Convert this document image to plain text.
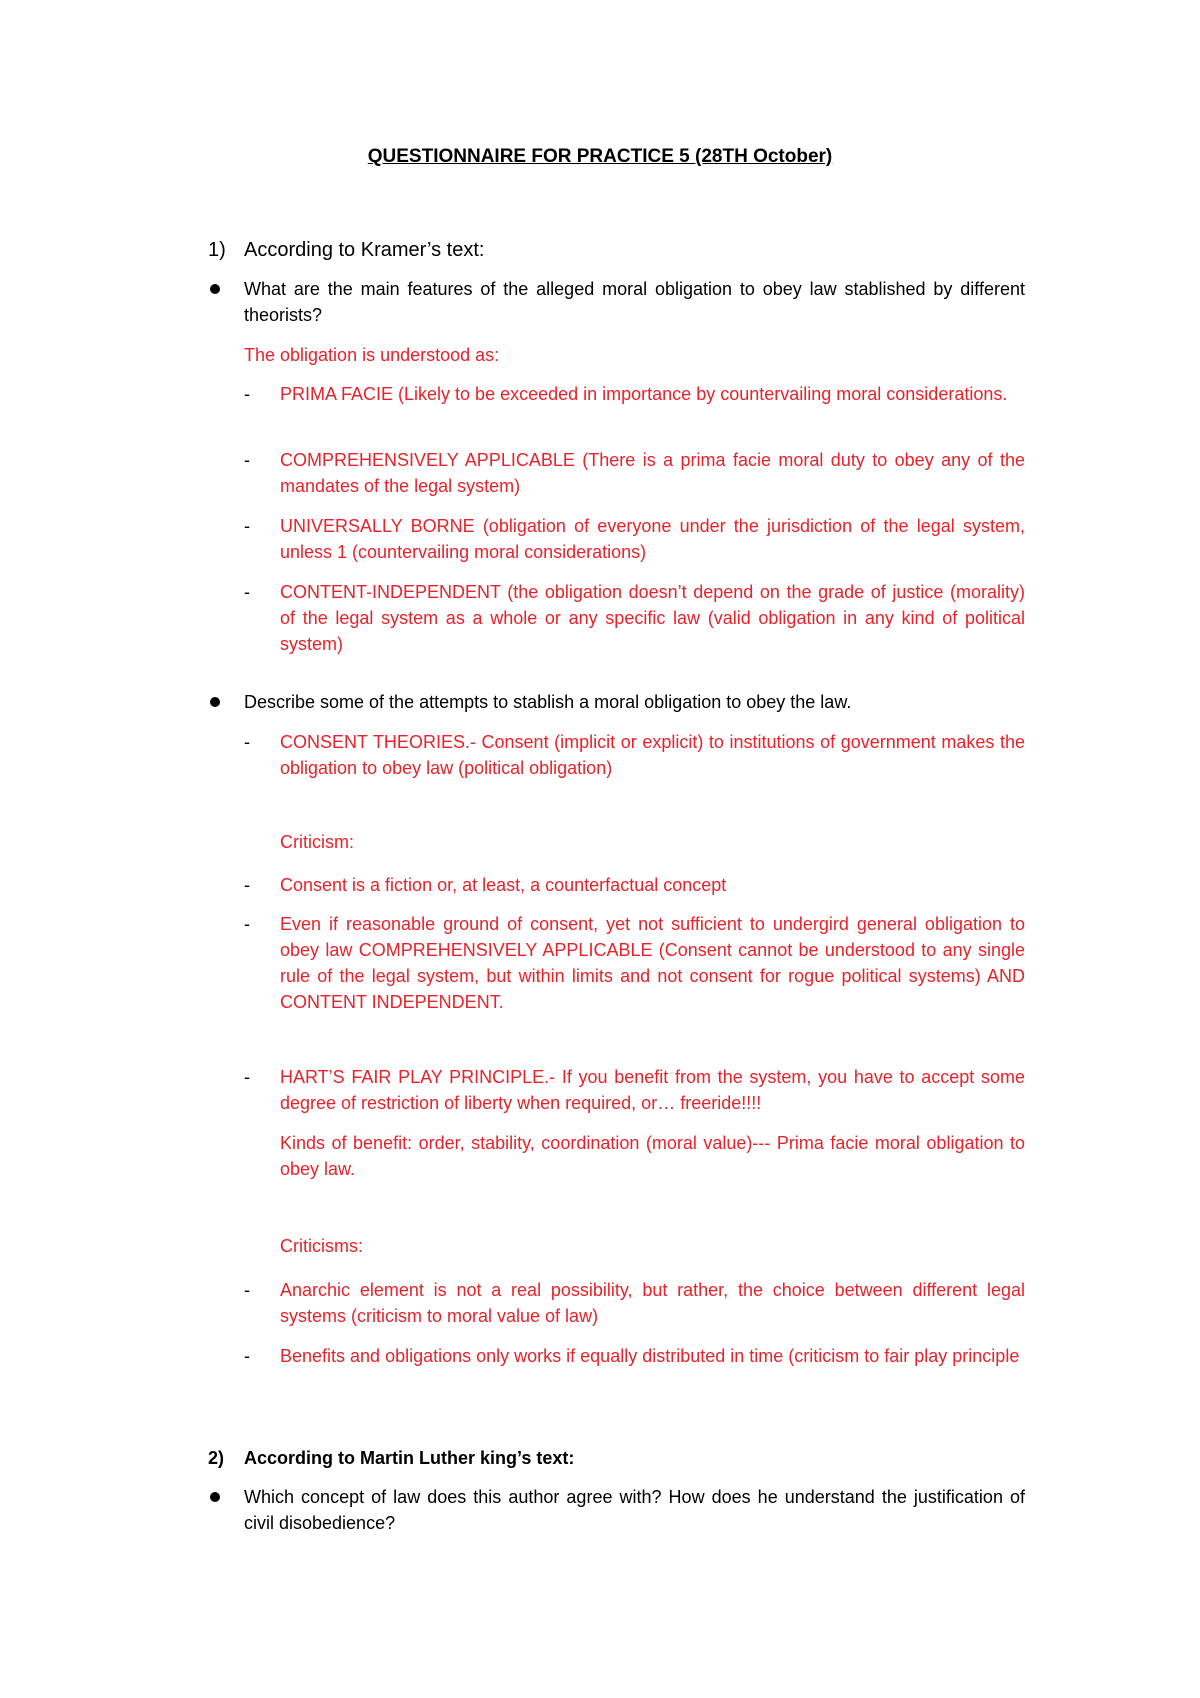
QUESTIONNAIRE FOR PRACTICE 5 (28TH October)

1) According to Kramer’s text:

What are the main features of the alleged moral obligation to obey law stablished by different theorists?

The obligation is understood as:

- PRIMA FACIE (Likely to be exceeded in importance by countervailing moral considerations.

- COMPREHENSIVELY APPLICABLE (There is a prima facie moral duty to obey any of the mandates of the legal system)

- UNIVERSALLY BORNE (obligation of everyone under the jurisdiction of the legal system, unless 1 (countervailing moral considerations)

- CONTENT-INDEPENDENT (the obligation doesn’t depend on the grade of justice (morality) of the legal system as a whole or any specific law (valid obligation in any kind of political system)

Describe some of the attempts to stablish a moral obligation to obey the law.

- CONSENT THEORIES.- Consent (implicit or explicit) to institutions of government makes the obligation to obey law (political obligation)

Criticism:

- Consent is a fiction or, at least, a counterfactual concept

- Even if reasonable ground of consent, yet not sufficient to undergird general obligation to obey law COMPREHENSIVELY APPLICABLE (Consent cannot be understood to any single rule of the legal system, but within limits and not consent for rogue political systems) AND CONTENT INDEPENDENT.

- HART’S FAIR PLAY PRINCIPLE.- If you benefit from the system, you have to accept some degree of restriction of liberty when required, or… freeride!!!!

Kinds of benefit: order, stability, coordination (moral value)--- Prima facie moral obligation to obey law.

Criticisms:

- Anarchic element is not a real possibility, but rather, the choice between different legal systems (criticism to moral value of law)

- Benefits and obligations only works if equally distributed in time (criticism to fair play principle

2) According to Martin Luther king’s text:

Which concept of law does this author agree with? How does he understand the justification of civil disobedience?
